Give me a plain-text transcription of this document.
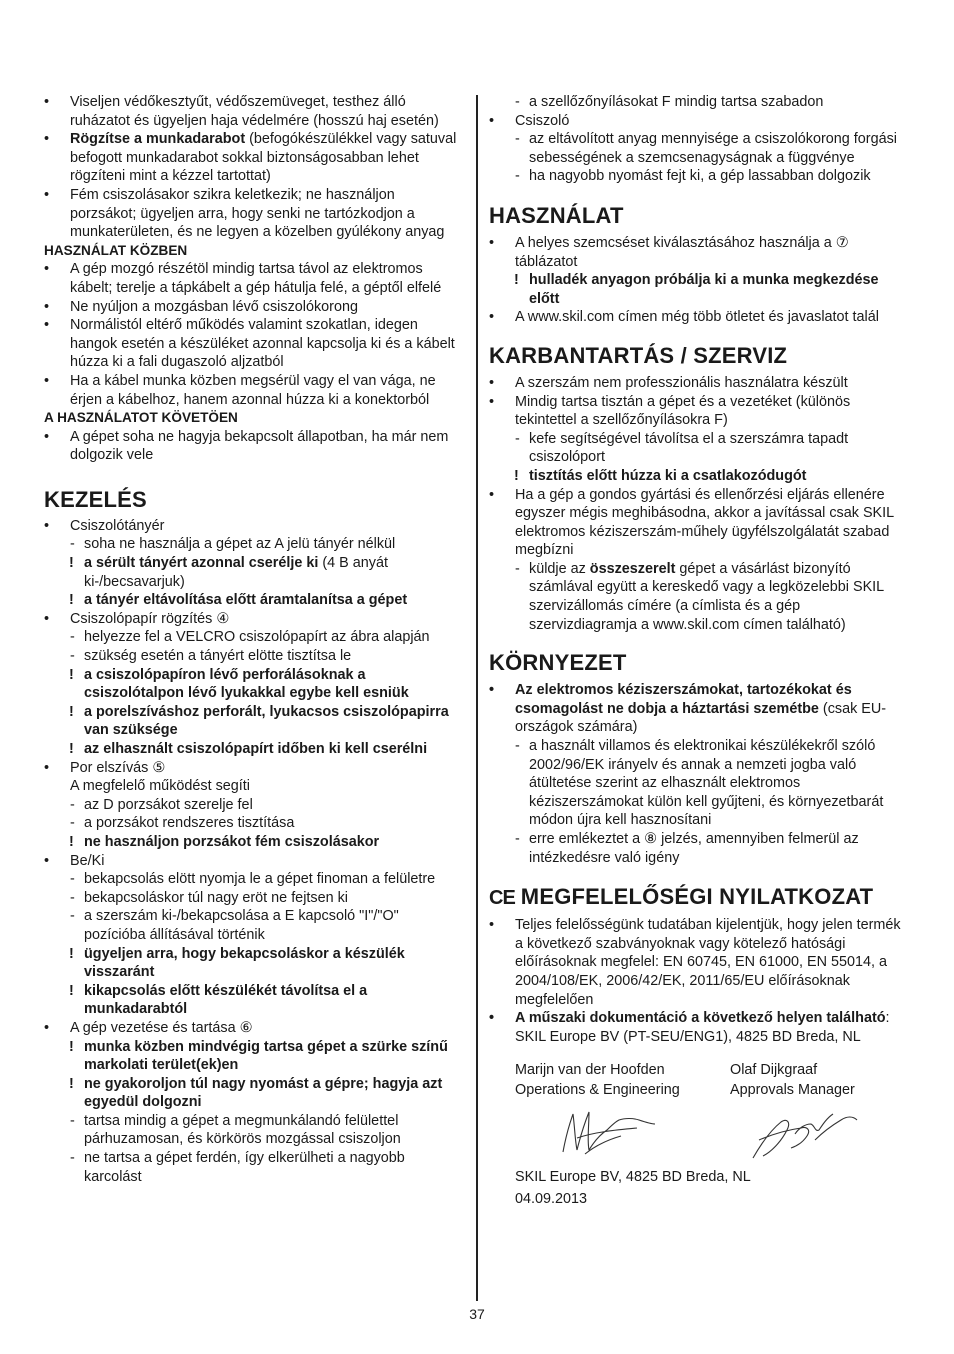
• Viseljen védőkesztyűt, védőszemüveget, testhez álló ruházatot és ügyeljen haja védelmére (hosszú haj esetén)
• Rögzítse a munkadarabot (befogókészülékkel vagy satuval befogott munkadarabot sokkal biztonságosabban lehet rögzíteni mint a kézzel tartottat)
• Fém csiszolásakor szikra keletkezik; ne használjon porzsákot; ügyeljen arra, hogy senki ne tartózkodjon a munkaterületen, és ne legyen a közelben gyúlékony anyag
HASZNÁLAT KÖZBEN
• A gép mozgó részétöl mindig tartsa távol az elektromos kábelt; terelje a tápkábelt a gép hátulja felé, a géptől elfelé
• Ne nyúljon a mozgásban lévő csiszolókorong
• Normálistól eltérő működés valamint szokatlan, idegen hangok esetén a készüléket azonnal kapcsolja ki és a kábelt húzza ki a fali dugaszoló aljzatból
• Ha a kábel munka közben megsérül vagy el van vága, ne érjen a kábelhoz, hanem azonnal húzza ki a konektorból
A HASZNÁLATOT KÖVETÖEN
• A gépet soha ne hagyja bekapcsolt állapotban, ha már nem dolgozik vele
KEZELÉS
• Csiszolótányér
- soha ne használja a gépet az A jelü tányér nélkül
! a sérült tányért azonnal cserélje ki (4 B anyát ki-/becsavarjuk)
! a tányér eltávolítása előtt áramtalanítsa a gépet
• Csiszolópapír rögzítés ④
- helyezze fel a VELCRO csiszolópapírt az ábra alapján
- szükség esetén a tányért elötte tisztítsa le
! a csiszolópapíron lévő perforálásoknak a csiszolótalpon lévő lyukakkal egybe kell esniük
! a porelszíváshoz perforált, lyukacsos csiszolópapirra van szüksége
! az elhasznált csiszolópapírt időben ki kell cserélni
• Por elszívás ⑤
A megfelelő működést segíti
- az D porzsákot szerelje fel
- a porzsákot rendszeres tisztítása
! ne használjon porzsákot fém csiszolásakor
• Be/Ki
- bekapcsolás elött nyomja le a gépet finoman a felületre
- bekapcsoláskor túl nagy eröt ne fejtsen ki
- a szerszám ki-/bekapcsolása a E kapcsoló "I"/"O" pozícióba állításával történik
! ügyeljen arra, hogy bekapcsoláskor a készülék visszaránt
! kikapcsolás előtt készülékét távolítsa el a munkadarabtól
• A gép vezetése és tartása ⑥
! munka közben mindvégig tartsa gépet a szürke színű markolati terület(ek)en
! ne gyakoroljon túl nagy nyomást a gépre; hagyja azt egyedül dolgozni
- tartsa mindig a gépet a megmunkálandó felülettel párhuzamosan, és körkörös mozgással csiszoljon
- ne tartsa a gépet ferdén, így elkerülheti a nagyobb karcolást
- a szellőzőnyílásokat F mindig tartsa szabadon
• Csiszoló
- az eltávolított anyag mennyisége a csiszolókorong forgási sebességének a szemcsenagyságnak a függvénye
- ha nagyobb nyomást fejt ki, a gép lassabban dolgozik
HASZNÁLAT
• A helyes szemcséset kiválasztásához használja a ⑦ táblázatot
! hulladék anyagon próbálja ki a munka megkezdése előtt
• A www.skil.com címen még több ötletet és javaslatot talál
KARBANTARTÁS / SZERVIZ
• A szerszám nem professzionális használatra készült
• Mindig tartsa tisztán a gépet és a vezetéket (különös tekintettel a szellőzőnyílásokra F)
- kefe segítségével távolítsa el a szerszámra tapadt csiszolóport
! tisztítás előtt húzza ki a csatlakozódugót
• Ha a gép a gondos gyártási és ellenőrzési eljárás ellenére egyszer mégis meghibásodna, akkor a javítással csak SKIL elektromos kéziszerszám-műhely ügyfélszolgálatát szabad megbízni
- küldje az összeszerelt gépet a vásárlást bizonyító számlával együtt a kereskedő vagy a legközelebbi SKIL szervizállomás címére (a címlista és a gép szervizdiagramja a www.skil.com címen található)
KÖRNYEZET
• Az elektromos kéziszerszámokat, tartozékokat és csomagolást ne dobja a háztartási szemétbe (csak EU-országok számára)
- a használt villamos és elektronikai készülékekről szóló 2002/96/EK irányelv és annak a nemzeti jogba való átültetése szerint az elhasznált elektromos kéziszerszámokat külön kell gyűjteni, és környezetbarát módon újra kell hasznosítani
- erre emlékeztet a ⑧ jelzés, amennyiben felmerül az intézkedésre való igény
CE MEGFELELŐSÉGI NYILATKOZAT
• Teljes felelősségünk tudatában kijelentjük, hogy jelen termék a következő szabványoknak vagy kötelező hatósági előírásoknak megfelel: EN 60745, EN 61000, EN 55014, a 2004/108/EK, 2006/42/EK, 2011/65/EU előírásoknak megfelelően
• A műszaki dokumentáció a következő helyen található: SKIL Europe BV (PT-SEU/ENG1), 4825 BD Breda, NL
Marijn van der Hoofden
Operations & Engineering
Olaf Dijkgraaf
Approvals Manager
SKIL Europe BV, 4825 BD Breda, NL
04.09.2013
37
